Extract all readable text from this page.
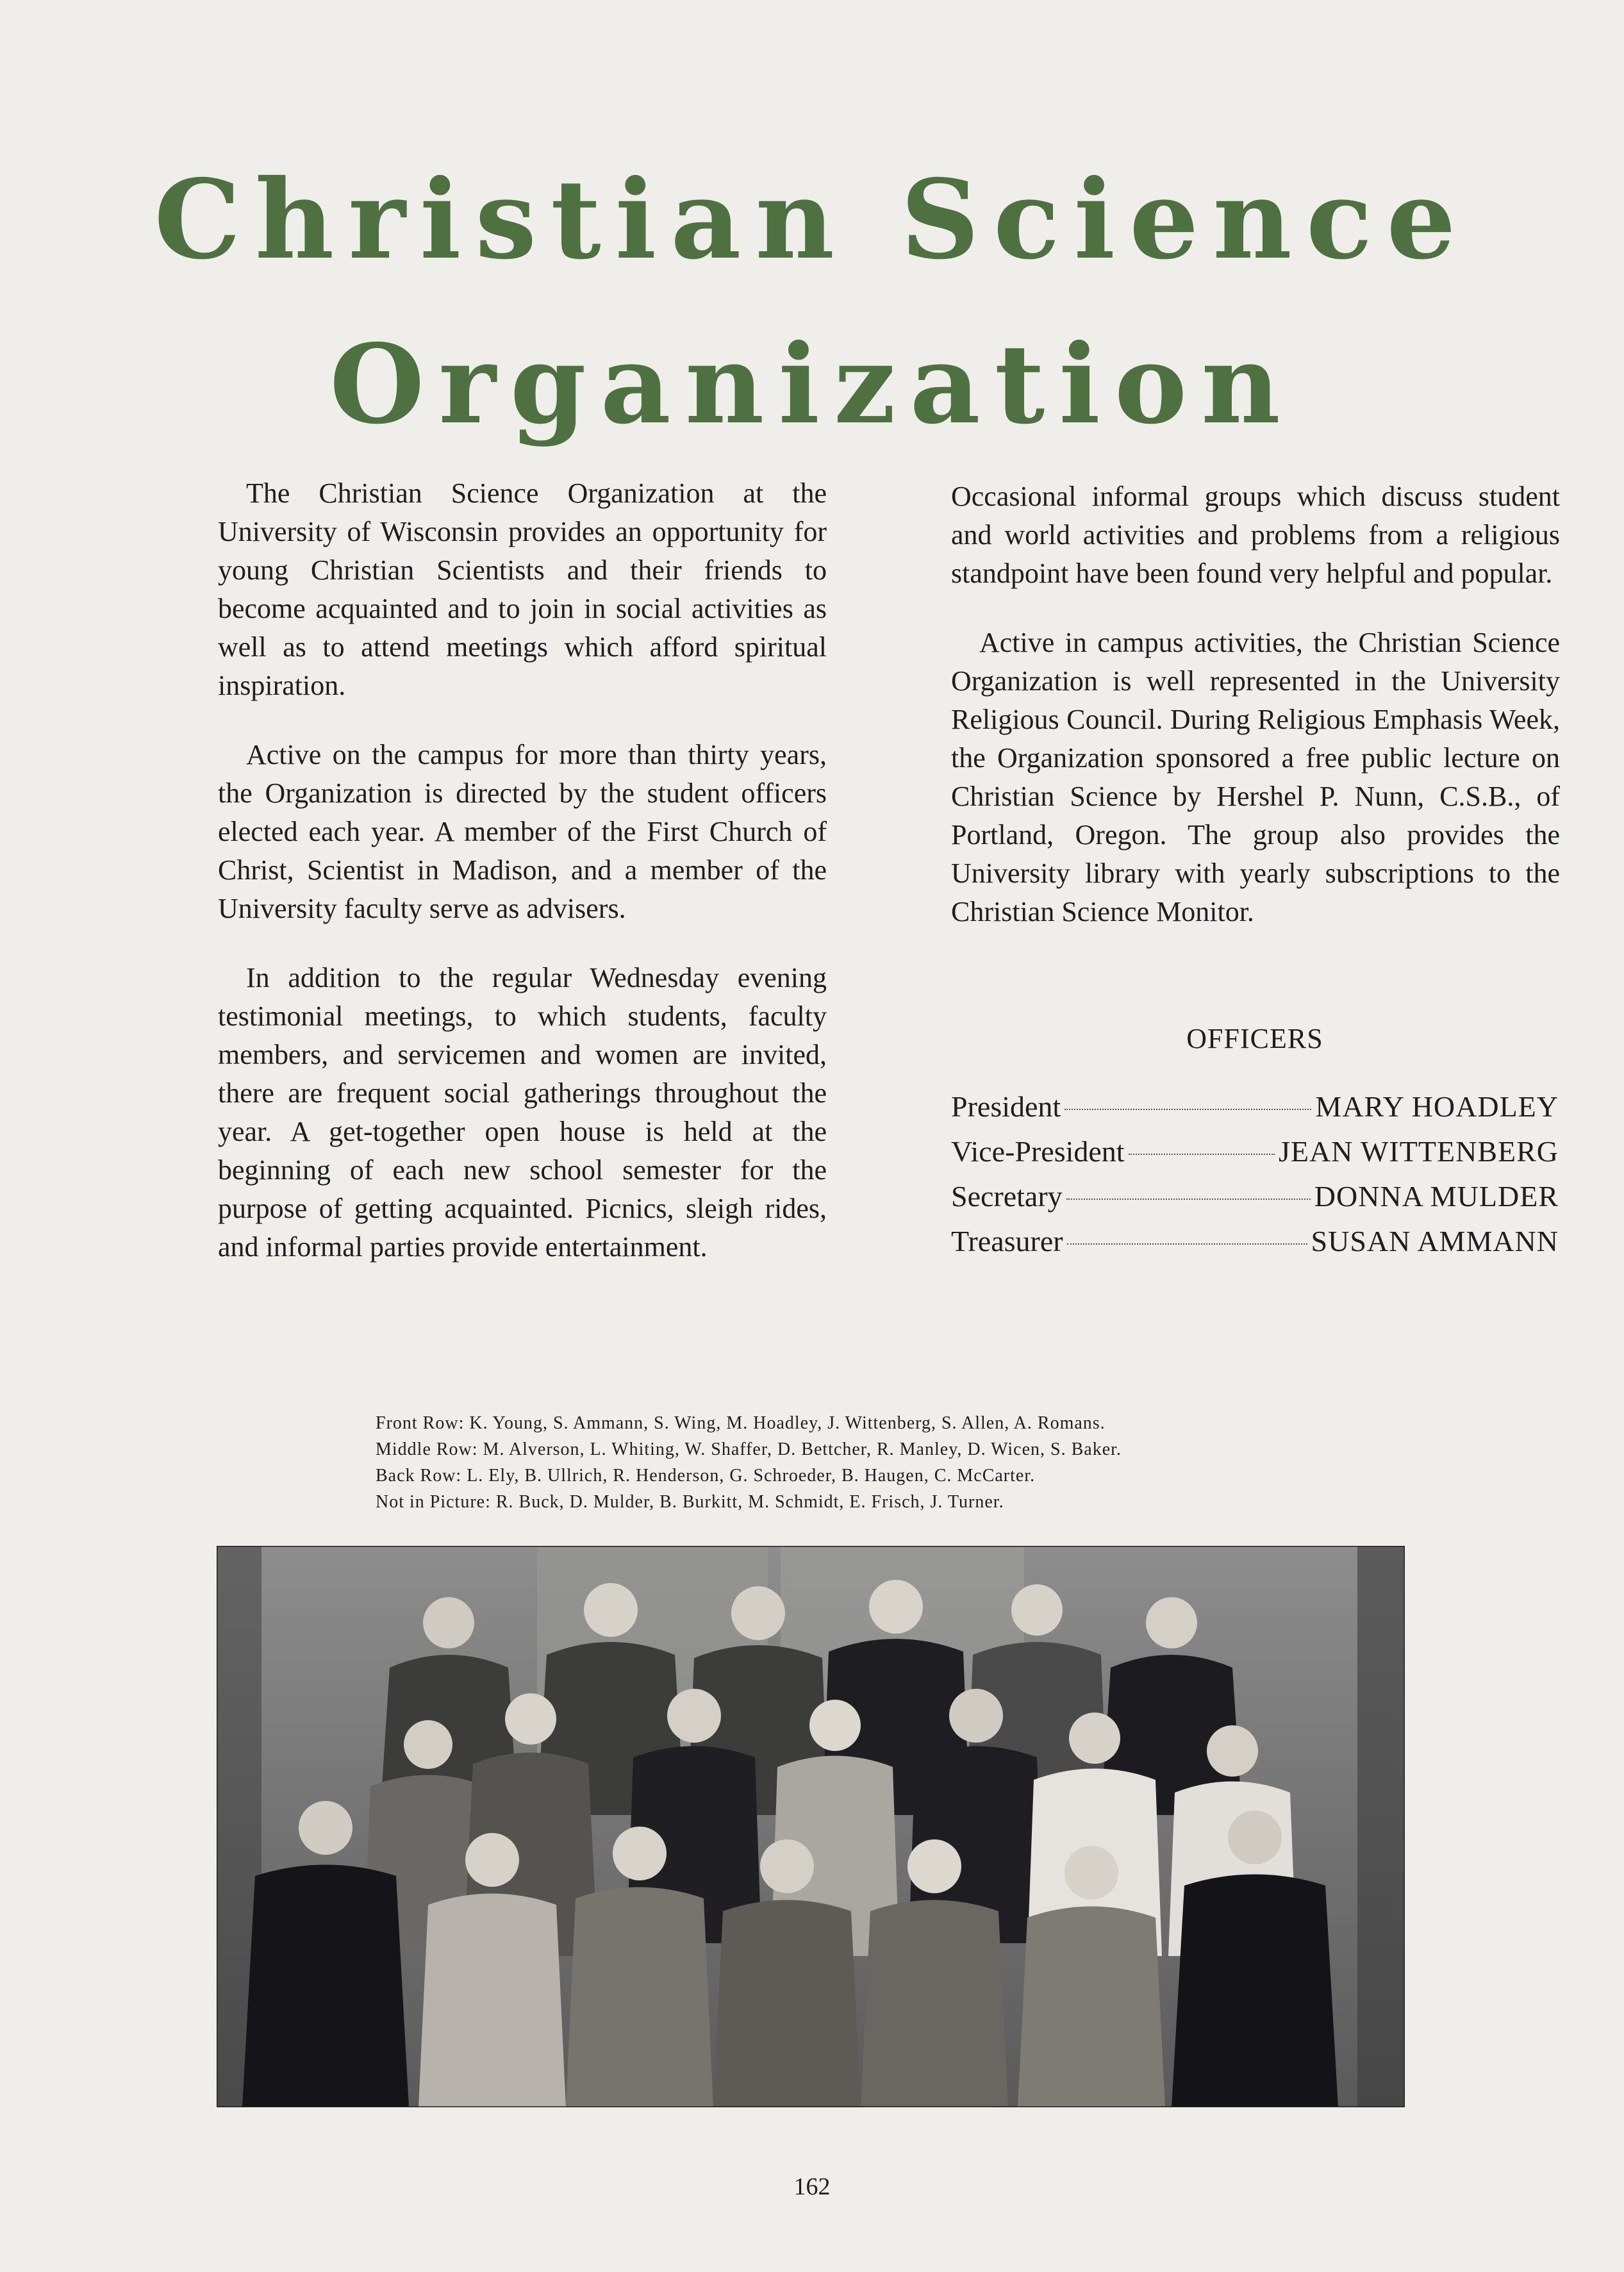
Christian Science
Organization

The Christian Science Organization at the University of Wisconsin provides an opportunity for young Christian Scientists and their friends to become acquainted and to join in social activities as well as to attend meetings which afford spiritual inspiration.

Active on the campus for more than thirty years, the Organization is directed by the student officers elected each year. A member of the First Church of Christ, Scientist in Madison, and a member of the University faculty serve as advisers.

In addition to the regular Wednesday evening testimonial meetings, to which students, faculty members, and servicemen and women are invited, there are frequent social gatherings throughout the year. A get-together open house is held at the beginning of each new school semester for the purpose of getting acquainted. Picnics, sleigh rides, and informal parties provide entertainment.

Occasional informal groups which discuss student and world activities and problems from a religious standpoint have been found very helpful and popular.

Active in campus activities, the Christian Science Organization is well represented in the University Religious Council. During Religious Emphasis Week, the Organization sponsored a free public lecture on Christian Science by Hershel P. Nunn, C.S.B., of Portland, Oregon. The group also provides the University library with yearly subscriptions to the Christian Science Monitor.

OFFICERS
President	MARY HOADLEY
Vice-President	JEAN WITTENBERG
Secretary	DONNA MULDER
Treasurer	SUSAN AMMANN
Front Row: K. Young, S. Ammann, S. Wing, M. Hoadley, J. Wittenberg, S. Allen, A. Romans.
Middle Row: M. Alverson, L. Whiting, W. Shaffer, D. Bettcher, R. Manley, D. Wicen, S. Baker.
Back Row: L. Ely, B. Ullrich, R. Henderson, G. Schroeder, B. Haugen, C. McCarter.
Not in Picture: R. Buck, D. Mulder, B. Burkitt, M. Schmidt, E. Frisch, J. Turner.
162
